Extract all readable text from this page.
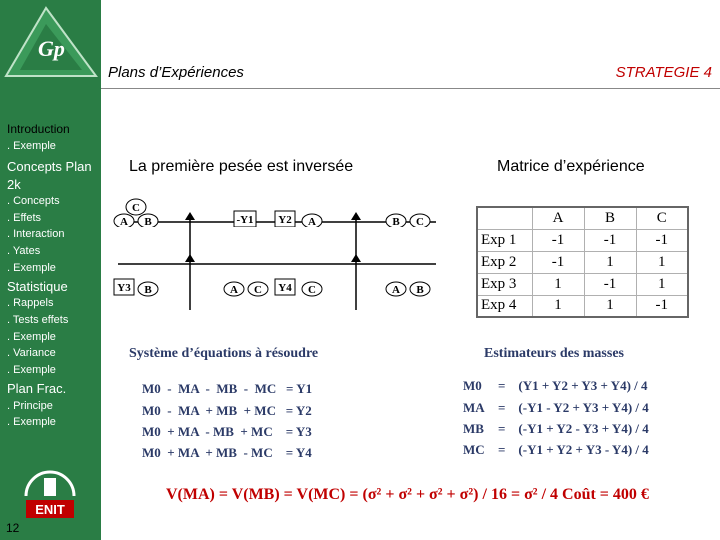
Gp
Introduction
. Exemple
Concepts Plan 2k
. Concepts
. Effets
. Interaction
. Yates
. Exemple
Statistique
. Rappels
. Tests effets
. Exemple
. Variance
. Exemple
Plan Frac.
. Principe
. Exemple
ENIT
12
Plans d’Expériences	STRATEGIE 4
La première pesée est inversée
C
A B	-Y1 Y2 A	B C
Y3 B	A C Y4 C	A B
Système d’équations à résoudre
M0  -  MA  -  MB  -  MC   = Y1
M0  -  MA  + MB  + MC   = Y2
M0  + MA  - MB  + MC    = Y3
M0  + MA  + MB  - MC    = Y4
Matrice d’expérience
	A	B	C
Exp 1	-1	-1	-1
Exp 2	-1	1	1
Exp 3	1	-1	1
Exp 4	1	1	-1
Estimateurs des masses
M0 =    (Y1 + Y2 + Y3 + Y4) / 4
MA =    (-Y1 - Y2 + Y3 + Y4) / 4
MB =    (-Y1 + Y2 - Y3 + Y4) / 4
MC =    (-Y1 + Y2 + Y3 - Y4) / 4
V(MA) = V(MB) = V(MC) = (σ² + σ² + σ² + σ²) / 16 = σ² / 4 Coût = 400 €
